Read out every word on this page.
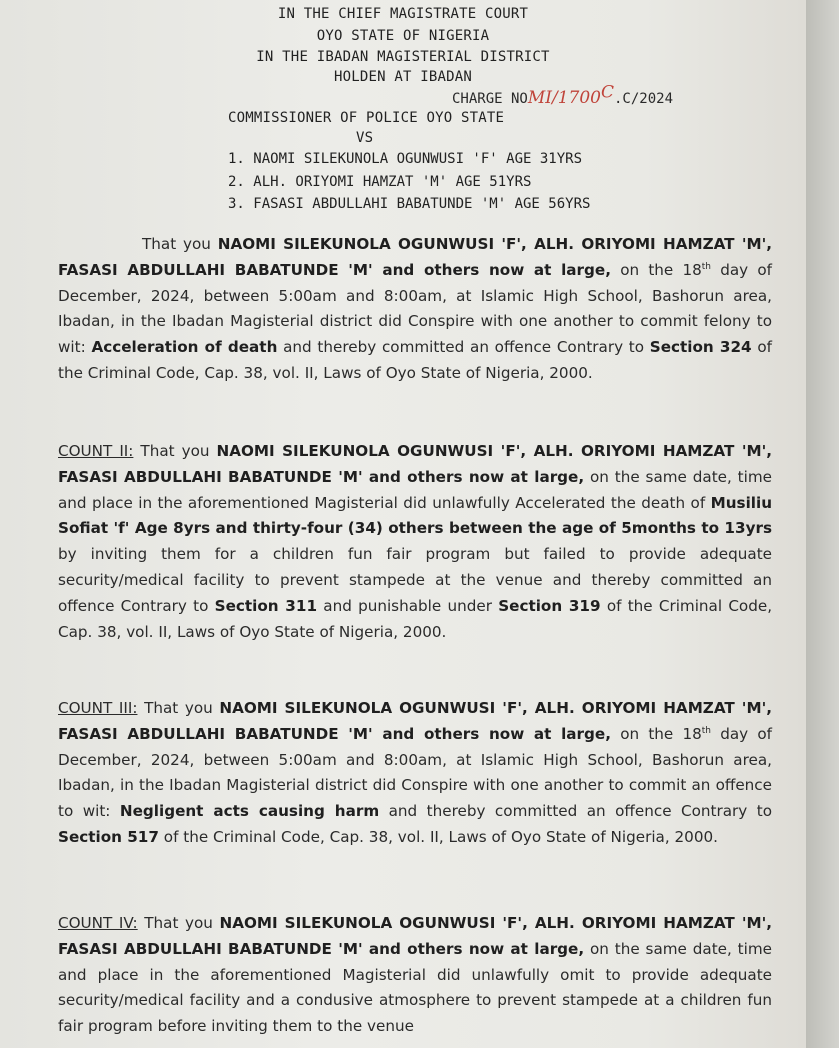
IN THE CHIEF MAGISTRATE COURT
OYO STATE OF NIGERIA
IN THE IBADAN MAGISTERIAL DISTRICT
HOLDEN AT IBADAN
CHARGE NOMI/$1700^C.C/2024$
COMMISSIONER OF POLICE OYO STATE
VS
1. NAOMI SILEKUNOLA OGUNWUSI 'F' AGE 31YRS
2. ALH. ORIYOMI HAMZAT 'M' AGE 51YRS
3. FASASI ABDULLAHI BABATUNDE 'M' AGE 56YRS
That you NAOMI SILEKUNOLA OGUNWUSI 'F', ALH. ORIYOMI HAMZAT 'M', FASASI ABDULLAHI BABATUNDE 'M' and others now at large, on the 18th day of December, 2024, between 5:00am and 8:00am, at Islamic High School, Bashorun area, Ibadan, in the Ibadan Magisterial district did Conspire with one another to commit felony to wit: Acceleration of death and thereby committed an offence Contrary to Section 324 of the Criminal Code, Cap. 38, vol. II, Laws of Oyo State of Nigeria, 2000.
COUNT II: That you NAOMI SILEKUNOLA OGUNWUSI 'F', ALH. ORIYOMI HAMZAT 'M', FASASI ABDULLAHI BABATUNDE 'M' and others now at large, on the same date, time and place in the aforementioned Magisterial did unlawfully Accelerated the death of Musiliu Sofiat 'f' Age 8yrs and thirty-four (34) others between the age of 5months to 13yrs by inviting them for a children fun fair program but failed to provide adequate security/medical facility to prevent stampede at the venue and thereby committed an offence Contrary to Section 311 and punishable under Section 319 of the Criminal Code, Cap. 38, vol. II, Laws of Oyo State of Nigeria, 2000.
COUNT III: That you NAOMI SILEKUNOLA OGUNWUSI 'F', ALH. ORIYOMI HAMZAT 'M', FASASI ABDULLAHI BABATUNDE 'M' and others now at large, on the 18th day of December, 2024, between 5:00am and 8:00am, at Islamic High School, Bashorun area, Ibadan, in the Ibadan Magisterial district did Conspire with one another to commit an offence to wit: Negligent acts causing harm and thereby committed an offence Contrary to Section 517 of the Criminal Code, Cap. 38, vol. II, Laws of Oyo State of Nigeria, 2000.
COUNT IV: That you NAOMI SILEKUNOLA OGUNWUSI 'F', ALH. ORIYOMI HAMZAT 'M', FASASI ABDULLAHI BABATUNDE 'M' and others now at large, on the same date, time and place in the aforementioned Magisterial did unlawfully omit to provide adequate security/medical facility and a condusive atmosphere to prevent stampede at a children fun fair program before inviting them to the venue
